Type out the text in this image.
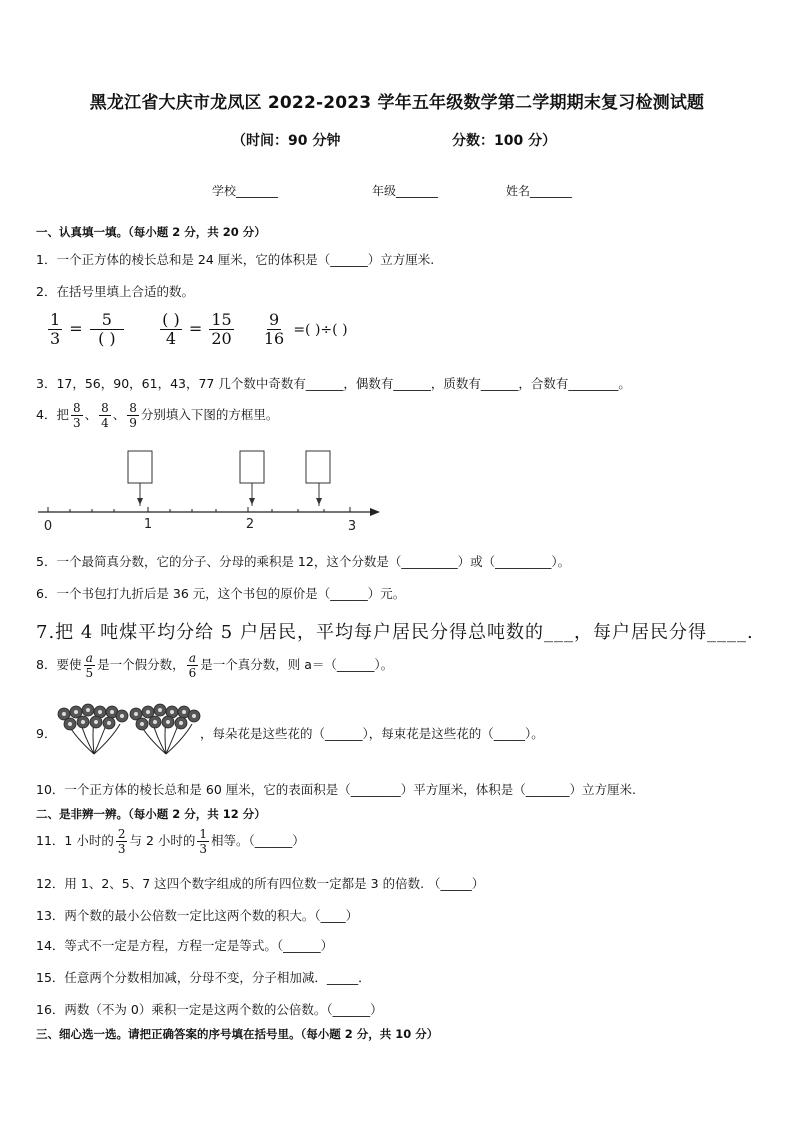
黑龙江省大庆市龙凤区 2022-2023 学年五年级数学第二学期期末复习检测试题
（时间：90 分钟	分数：100 分）
学校_______	年级_______	姓名_______
一、认真填一填。（每小题 2 分，共 20 分）
1．一个正方体的棱长总和是 24 厘米，它的体积是（______）立方厘米.
2．在括号里填上合适的数。
$\frac{1}{3} = \frac{5}{( )}$
$\frac{( )}{4} = \frac{15}{20}$
$\frac{9}{16}$ =( )÷( )
3．17，56，90，61，43，77 几个数中奇数有______，偶数有______，质数有______，合数有________。
4．把 $\frac{8}{3}$ 、 $\frac{8}{4}$ 、 $\frac{8}{9}$ 分别填入下图的方框里。
0	1	2	3
5．一个最简真分数，它的分子、分母的乘积是 12，这个分数是（_________）或（_________）。
6．一个书包打九折后是 36 元，这个书包的原价是（______）元。
7.把 4 吨煤平均分给 5 户居民，平均每户居民分得总吨数的___，每户居民分得____.
8．要使 $\frac{a}{5}$ 是一个假分数， $\frac{a}{6}$ 是一个真分数，则 a＝（______）。
9．	，每朵花是这些花的（______），每束花是这些花的（_____）。
10．一个正方体的棱长总和是 60 厘米，它的表面积是（________）平方厘米，体积是（_______）立方厘米.
二、是非辨一辨。（每小题 2 分，共 12 分）
11．1 小时的 $\frac{2}{3}$ 与 2 小时的 $\frac{1}{3}$ 相等。（______）
12．用 1、2、5、7 这四个数字组成的所有四位数一定都是 3 的倍数. （_____）
13．两个数的最小公倍数一定比这两个数的积大。（____）
14．等式不一定是方程，方程一定是等式。（______）
15．任意两个分数相加减，分母不变，分子相加减．_____．
16．两数（不为 0）乘积一定是这两个数的公倍数。（______）
三、细心选一选。请把正确答案的序号填在括号里。（每小题 2 分，共 10 分）
